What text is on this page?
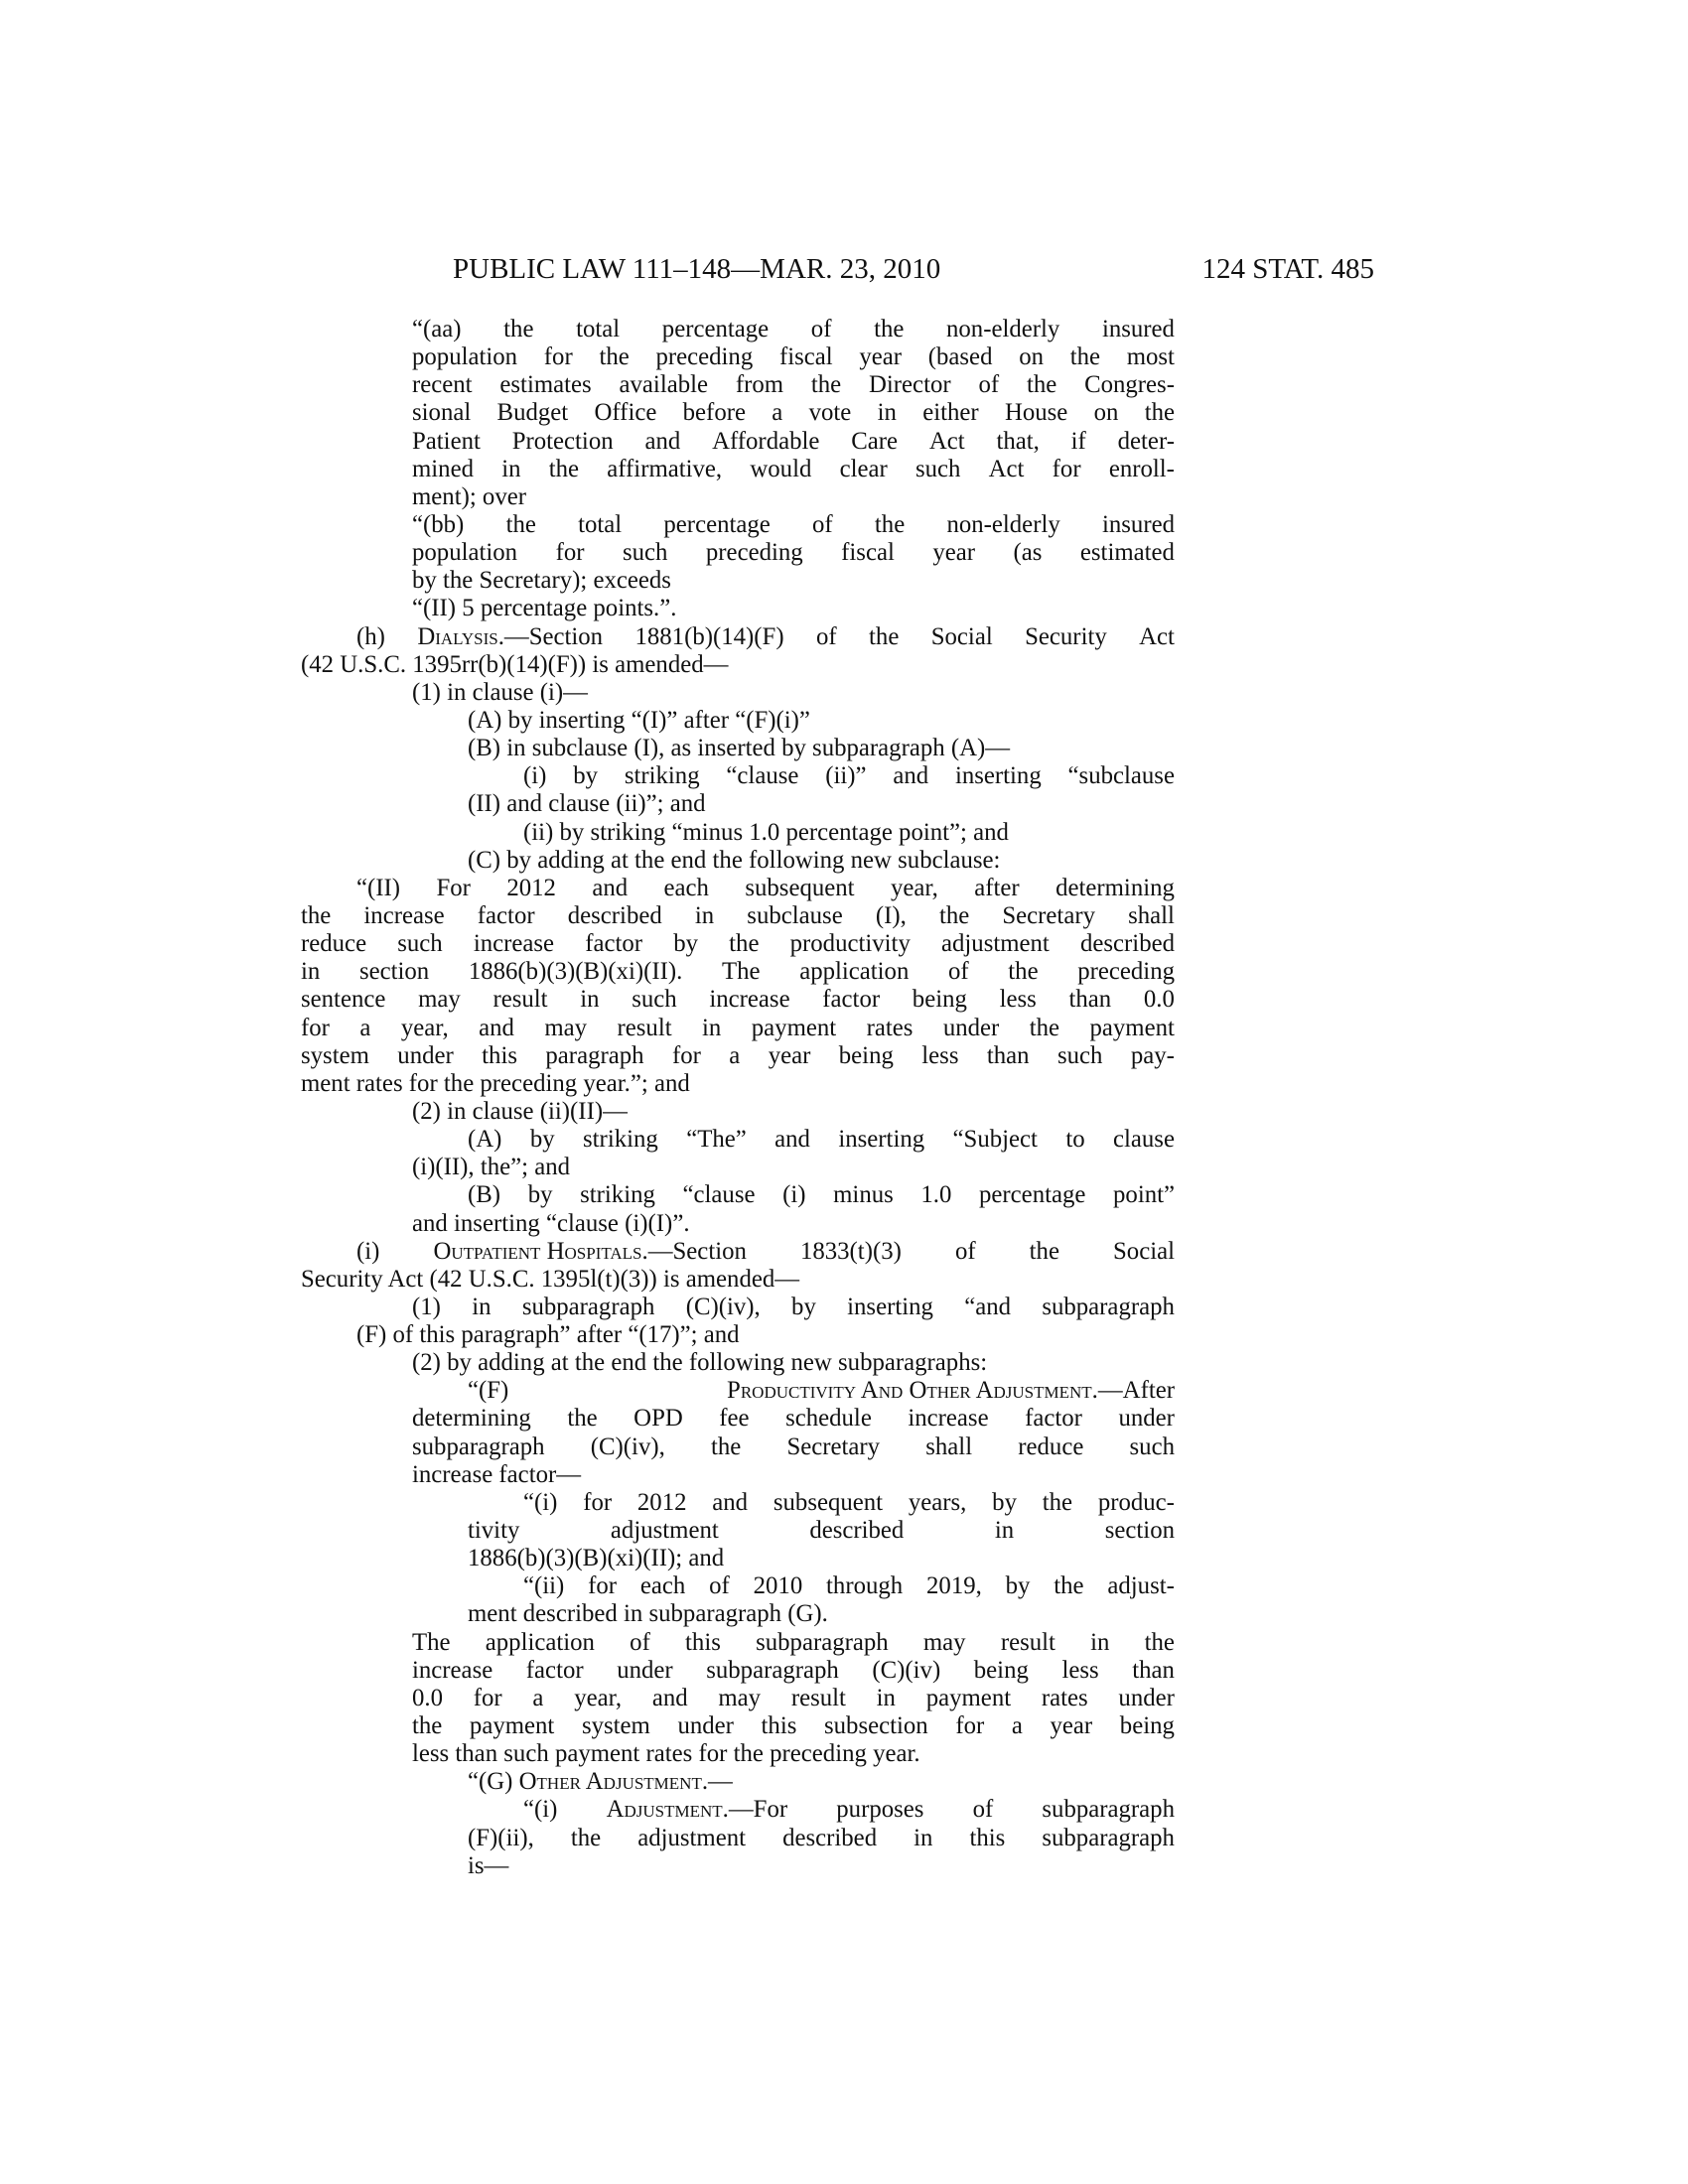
PUBLIC LAW 111–148—MAR. 23, 2010	124 STAT. 485
“(aa) the total percentage of the non-elderly insured
population for the preceding fiscal year (based on the most
recent estimates available from the Director of the Congres-
sional Budget Office before a vote in either House on the
Patient Protection and Affordable Care Act that, if deter-
mined in the affirmative, would clear such Act for enroll-
ment); over
“(bb) the total percentage of the non-elderly insured
population for such preceding fiscal year (as estimated
by the Secretary); exceeds
“(II) 5 percentage points.”.
(h) Dialysis.—Section 1881(b)(14)(F) of the Social Security Act
(42 U.S.C. 1395rr(b)(14)(F)) is amended—
(1) in clause (i)—
(A) by inserting “(I)” after “(F)(i)”
(B) in subclause (I), as inserted by subparagraph (A)—
(i) by striking “clause (ii)” and inserting “subclause
(II) and clause (ii)”; and
(ii) by striking “minus 1.0 percentage point”; and
(C) by adding at the end the following new subclause:
“(II) For 2012 and each subsequent year, after determining
the increase factor described in subclause (I), the Secretary shall
reduce such increase factor by the productivity adjustment described
in section 1886(b)(3)(B)(xi)(II). The application of the preceding
sentence may result in such increase factor being less than 0.0
for a year, and may result in payment rates under the payment
system under this paragraph for a year being less than such pay-
ment rates for the preceding year.”; and
(2) in clause (ii)(II)—
(A) by striking “The” and inserting “Subject to clause
(i)(II), the”; and
(B) by striking “clause (i) minus 1.0 percentage point”
and inserting “clause (i)(I)”.
(i) Outpatient Hospitals.—Section 1833(t)(3) of the Social
Security Act (42 U.S.C. 1395l(t)(3)) is amended—
(1) in subparagraph (C)(iv), by inserting “and subparagraph
(F) of this paragraph” after “(17)”; and
(2) by adding at the end the following new subparagraphs:
“(F)	Productivity And Other Adjustment.—After
determining the OPD fee schedule increase factor under
subparagraph (C)(iv), the Secretary shall reduce such
increase factor—
“(i) for 2012 and subsequent years, by the produc-
tivity	adjustment	described	in	section
1886(b)(3)(B)(xi)(II); and
“(ii) for each of 2010 through 2019, by the adjust-
ment described in subparagraph (G).
The application of this subparagraph may result in the
increase factor under subparagraph (C)(iv) being less than
0.0 for a year, and may result in payment rates under
the payment system under this subsection for a year being
less than such payment rates for the preceding year.
“(G) Other Adjustment.—
“(i) Adjustment.—For purposes of subparagraph
(F)(ii), the adjustment described in this subparagraph
is—
